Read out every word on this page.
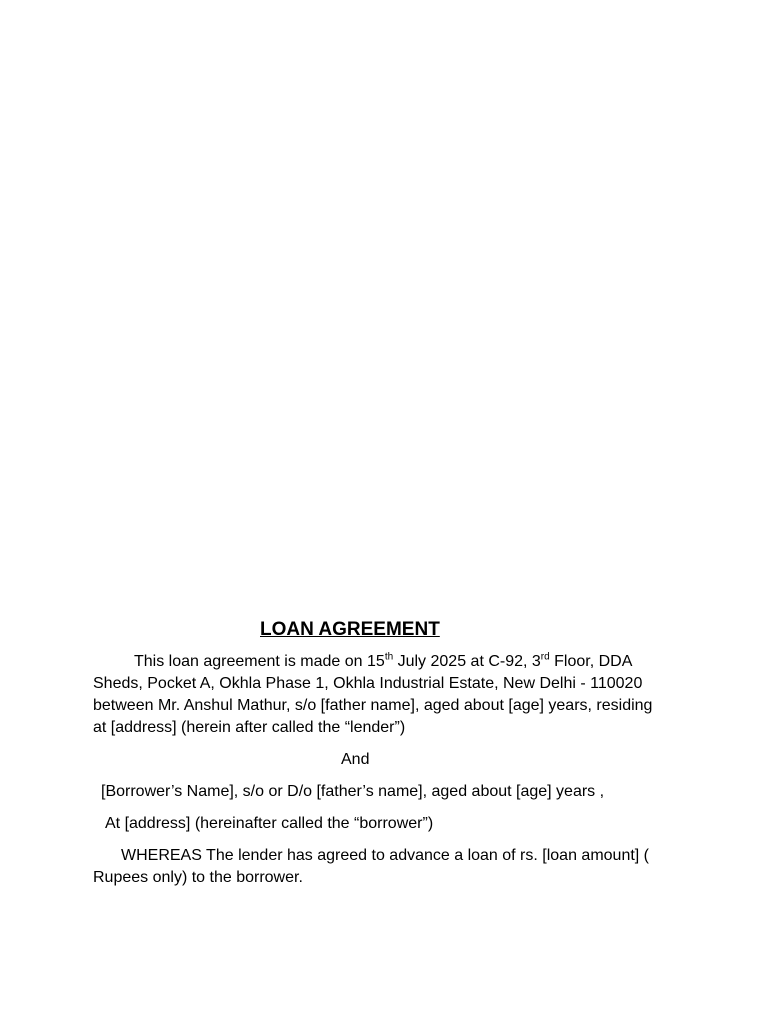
LOAN AGREEMENT

This loan agreement is made on 15th July 2025 at C-92, 3rd Floor, DDA Sheds, Pocket A, Okhla Phase 1, Okhla Industrial Estate, New Delhi - 110020 between Mr. Anshul Mathur, s/o [father name], aged about [age] years, residing at [address] (herein after called the “lender”)

And

[Borrower’s Name], s/o or D/o [father’s name], aged about [age] years ,

At [address] (hereinafter called the “borrower”)

WHEREAS The lender has agreed to advance a loan of rs. [loan amount] ( Rupees only) to the borrower.
